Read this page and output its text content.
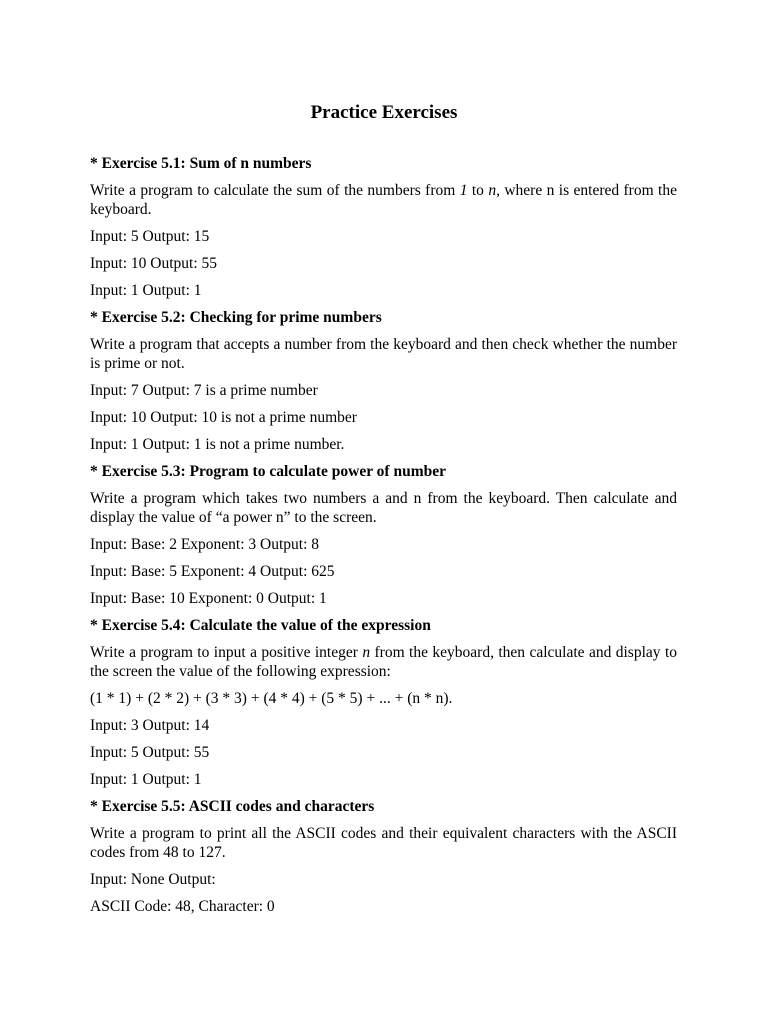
Practice Exercises
* Exercise 5.1: Sum of n numbers
Write a program to calculate the sum of the numbers from 1 to n, where n is entered from the keyboard.
Input: 5 Output: 15
Input: 10 Output: 55
Input: 1 Output: 1
* Exercise 5.2: Checking for prime numbers
Write a program that accepts a number from the keyboard and then check whether the number is prime or not.
Input: 7 Output: 7 is a prime number
Input: 10 Output: 10 is not a prime number
Input: 1 Output: 1 is not a prime number.
* Exercise 5.3: Program to calculate power of number
Write a program which takes two numbers a and n from the keyboard. Then calculate and display the value of “a power n” to the screen.
Input: Base: 2 Exponent: 3 Output: 8
Input: Base: 5 Exponent: 4 Output: 625
Input: Base: 10 Exponent: 0 Output: 1
* Exercise 5.4: Calculate the value of the expression
Write a program to input a positive integer n from the keyboard, then calculate and display to the screen the value of the following expression:
(1 * 1) + (2 * 2) + (3 * 3) + (4 * 4) + (5 * 5) + ... + (n * n).
Input: 3 Output: 14
Input: 5 Output: 55
Input: 1 Output: 1
* Exercise 5.5: ASCII codes and characters
Write a program to print all the ASCII codes and their equivalent characters with the ASCII codes from 48 to 127.
Input: None Output:
ASCII Code: 48, Character: 0
